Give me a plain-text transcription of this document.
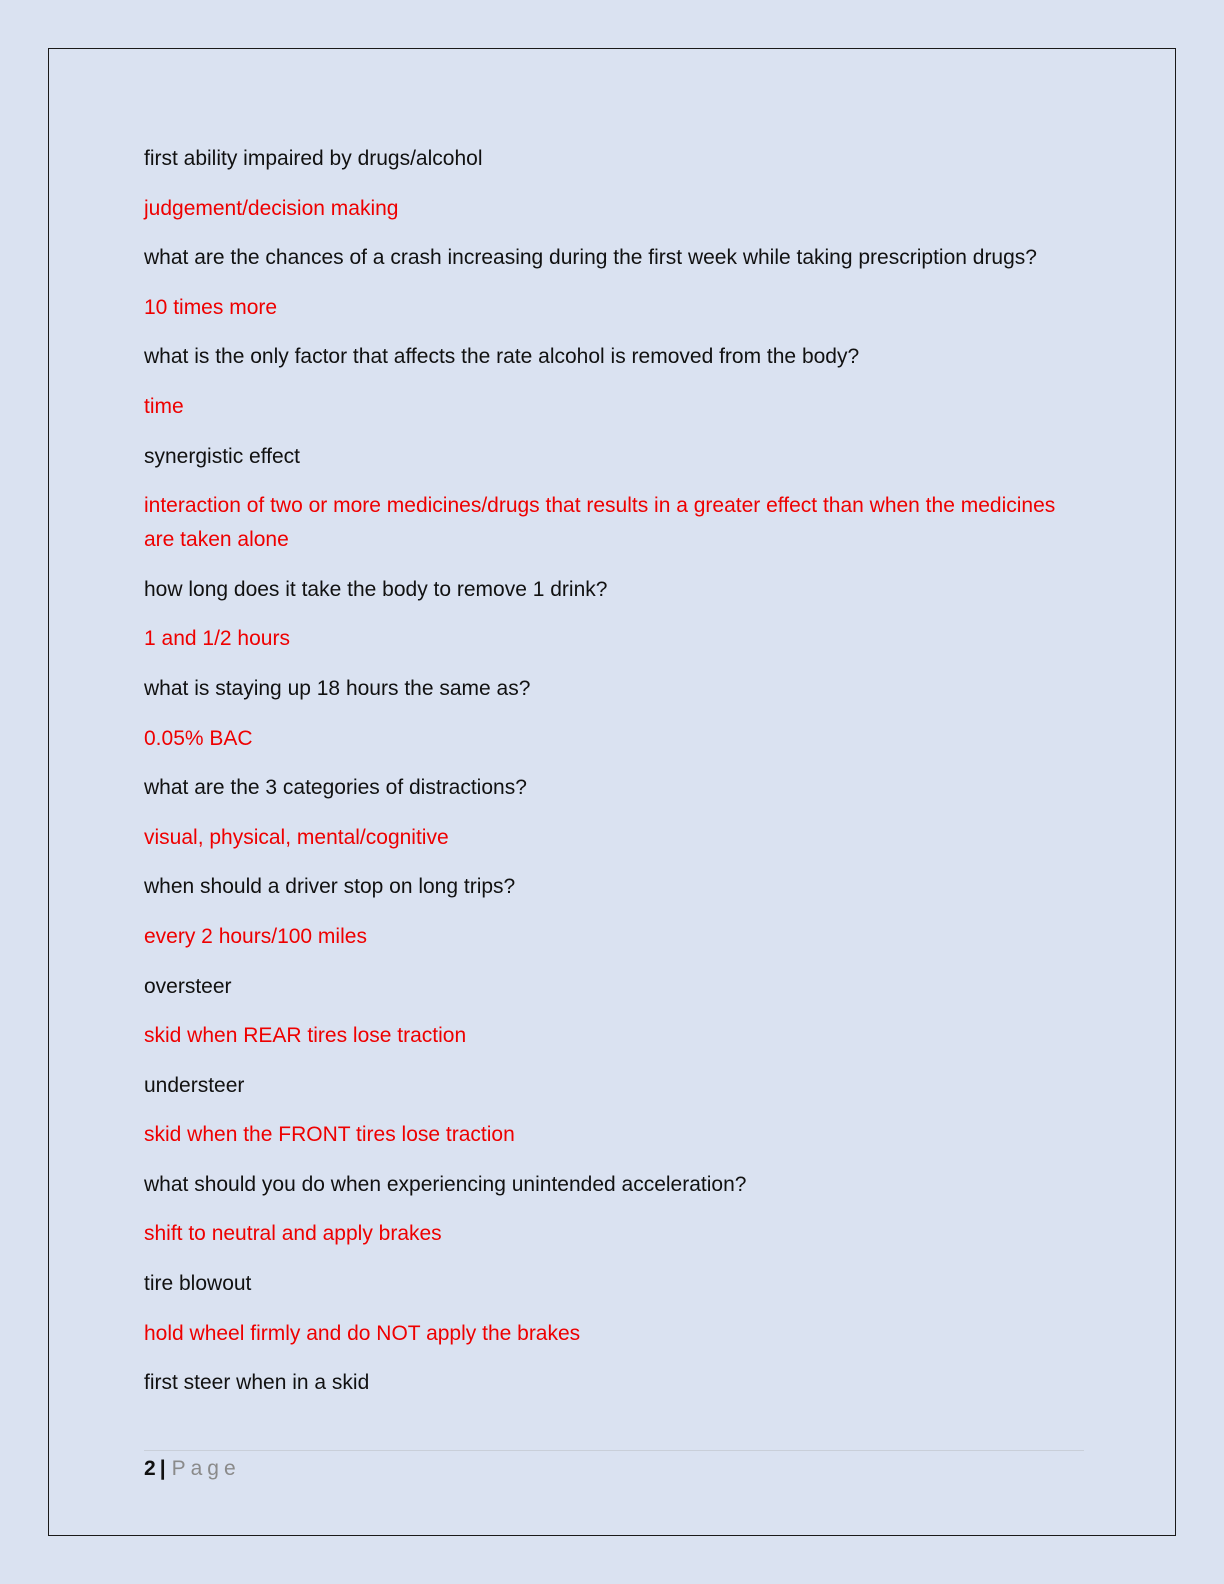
first ability impaired by drugs/alcohol

judgement/decision making

what are the chances of a crash increasing during the first week while taking prescription drugs?

10 times more

what is the only factor that affects the rate alcohol is removed from the body?

time

synergistic effect

interaction of two or more medicines/drugs that results in a greater effect than when the medicines are taken alone

how long does it take the body to remove 1 drink?

1 and 1/2 hours

what is staying up 18 hours the same as?

0.05% BAC

what are the 3 categories of distractions?

visual, physical, mental/cognitive

when should a driver stop on long trips?

every 2 hours/100 miles

oversteer

skid when REAR tires lose traction

understeer

skid when the FRONT tires lose traction

what should you do when experiencing unintended acceleration?

shift to neutral and apply brakes

tire blowout

hold wheel firmly and do NOT apply the brakes

first steer when in a skid

2 | Page
